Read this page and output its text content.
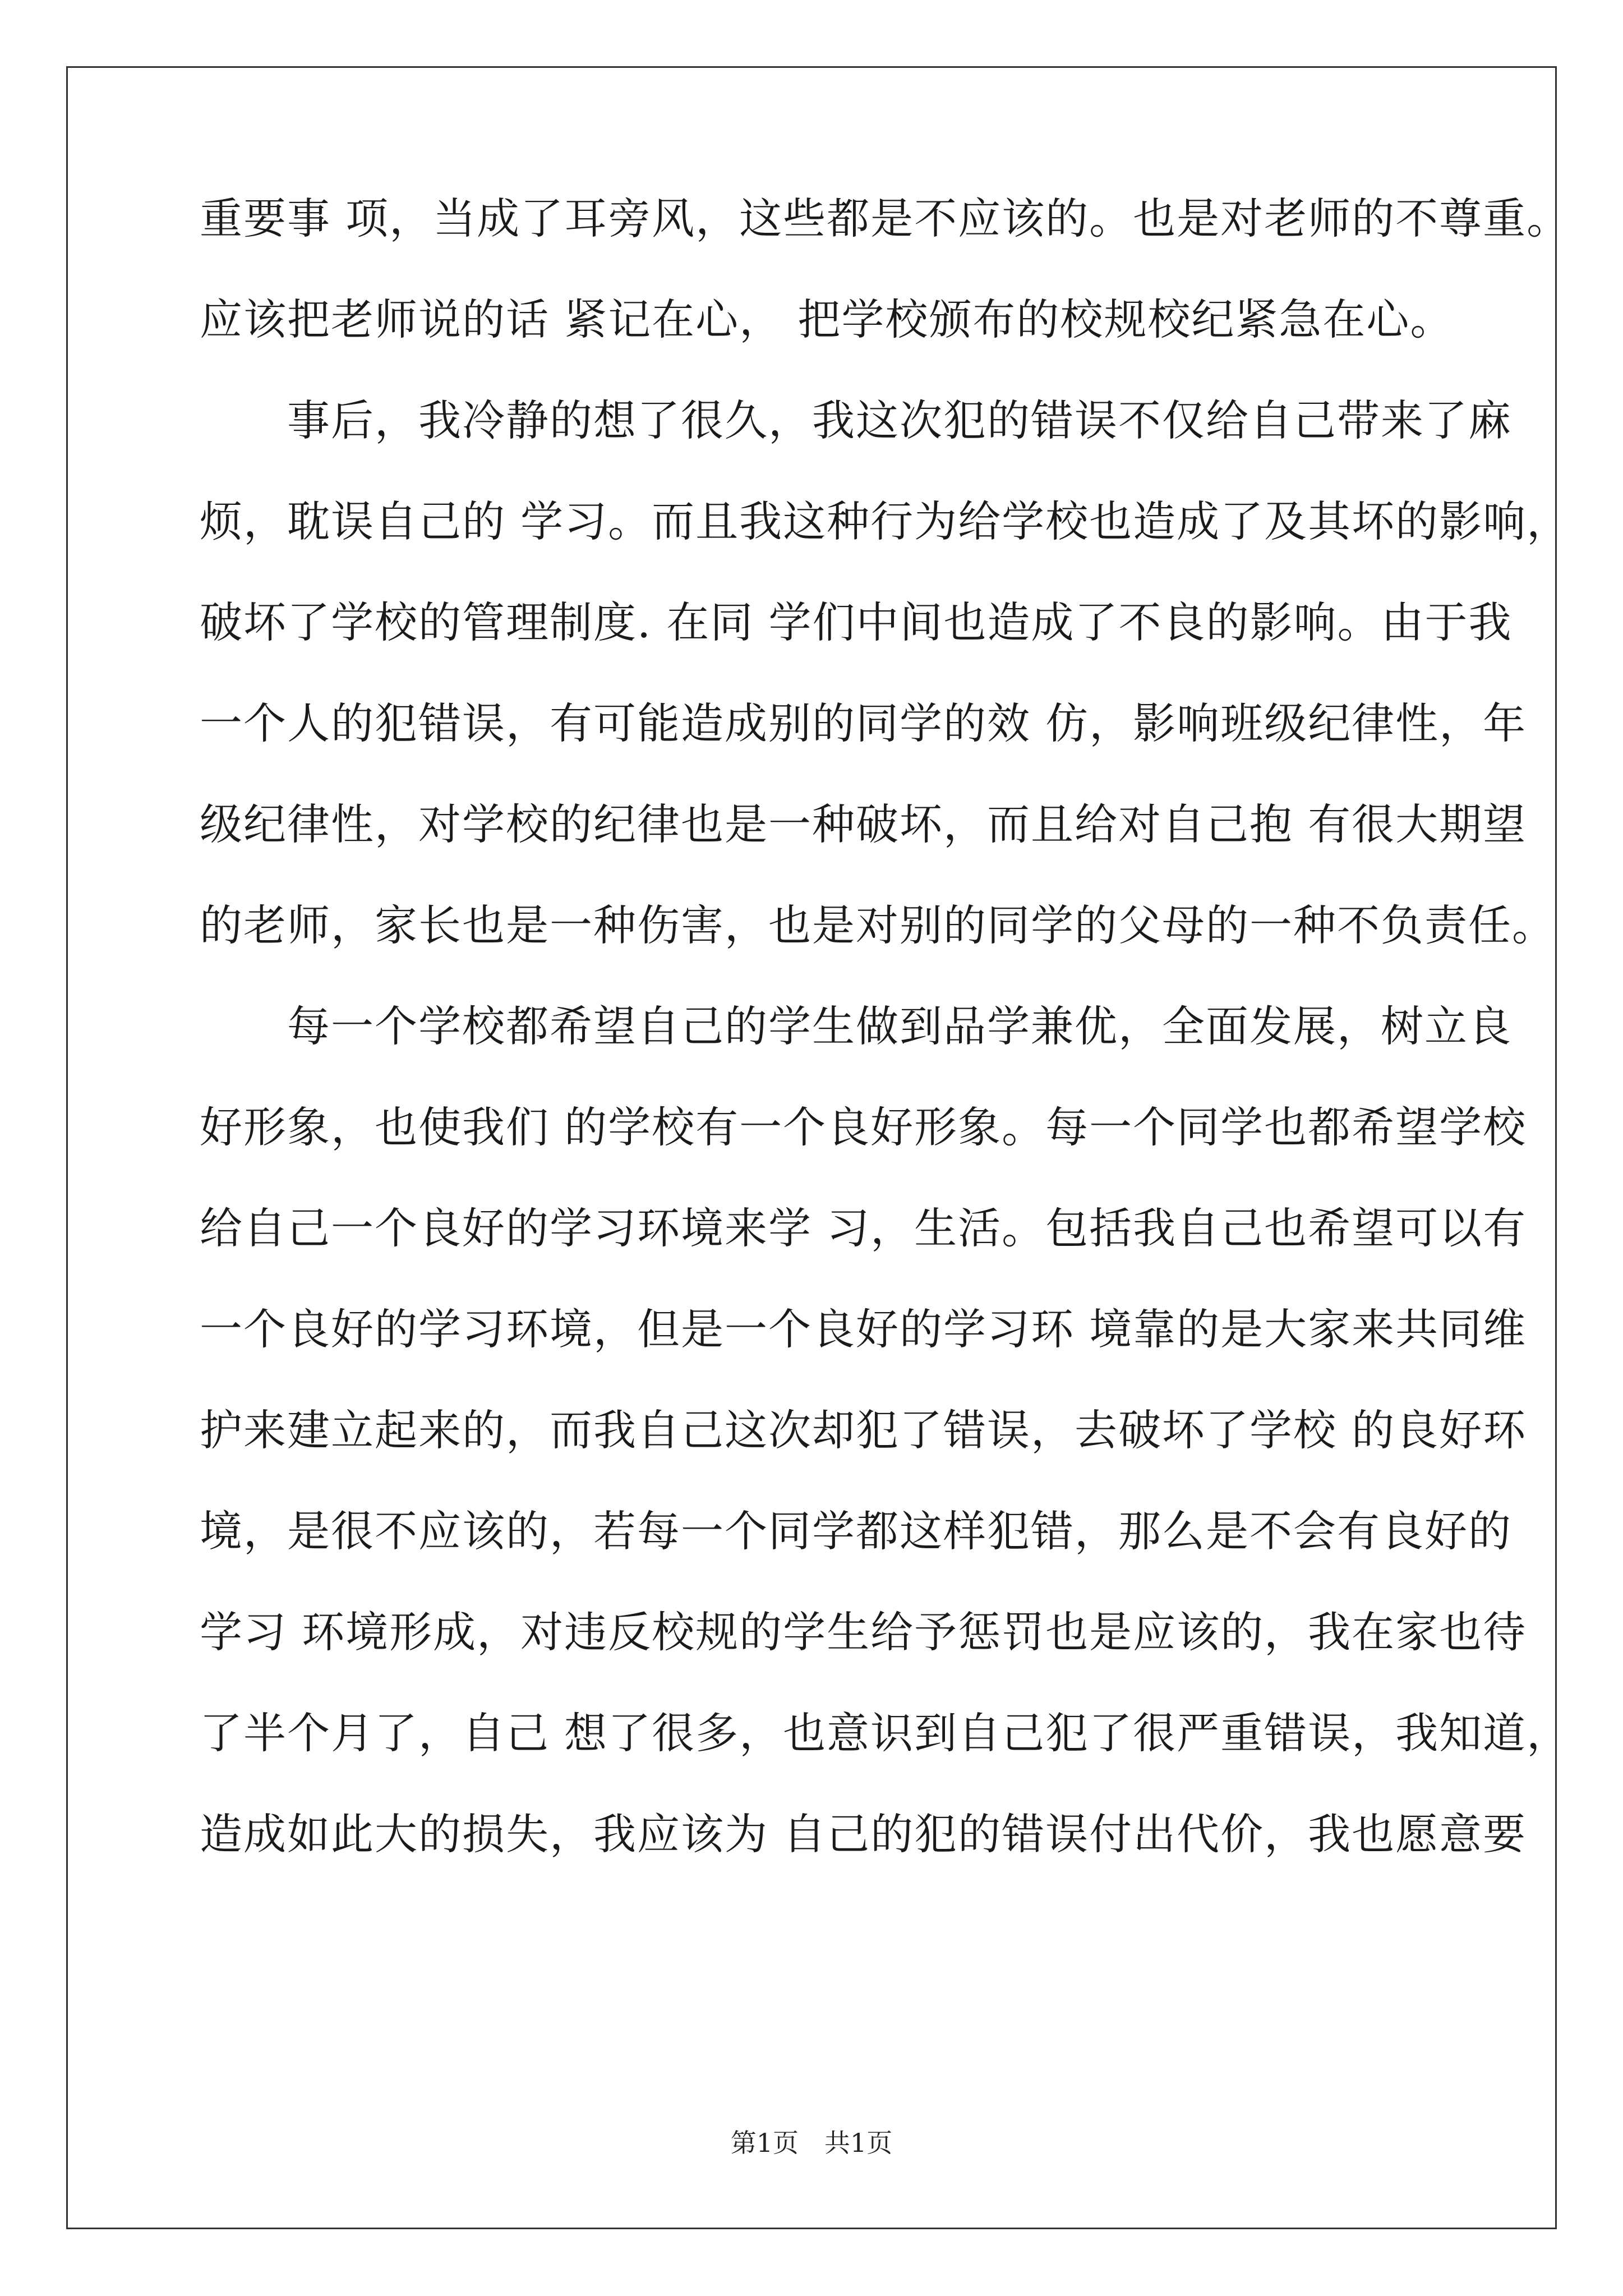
重要事 项，当成了耳旁风，这些都是不应该的。也是对老师的不尊重。
应该把老师说的话 紧记在心， 把学校颁布的校规校纪紧急在心。
　　事后，我冷静的想了很久，我这次犯的错误不仅给自己带来了麻
烦，耽误自己的 学习。而且我这种行为给学校也造成了及其坏的影响，
破坏了学校的管理制度. 在同 学们中间也造成了不良的影响。由于我
一个人的犯错误，有可能造成别的同学的效 仿，影响班级纪律性，年
级纪律性，对学校的纪律也是一种破坏，而且给对自己抱 有很大期望
的老师，家长也是一种伤害，也是对别的同学的父母的一种不负责任。
　　每一个学校都希望自己的学生做到品学兼优，全面发展，树立良
好形象，也使我们 的学校有一个良好形象。每一个同学也都希望学校
给自己一个良好的学习环境来学 习，生活。包括我自己也希望可以有
一个良好的学习环境，但是一个良好的学习环 境靠的是大家来共同维
护来建立起来的，而我自己这次却犯了错误，去破坏了学校 的良好环
境，是很不应该的，若每一个同学都这样犯错，那么是不会有良好的
学习 环境形成，对违反校规的学生给予惩罚也是应该的，我在家也待
了半个月了，自己 想了很多，也意识到自己犯了很严重错误，我知道，
造成如此大的损失，我应该为 自己的犯的错误付出代价，我也愿意要
第1页　共1页
